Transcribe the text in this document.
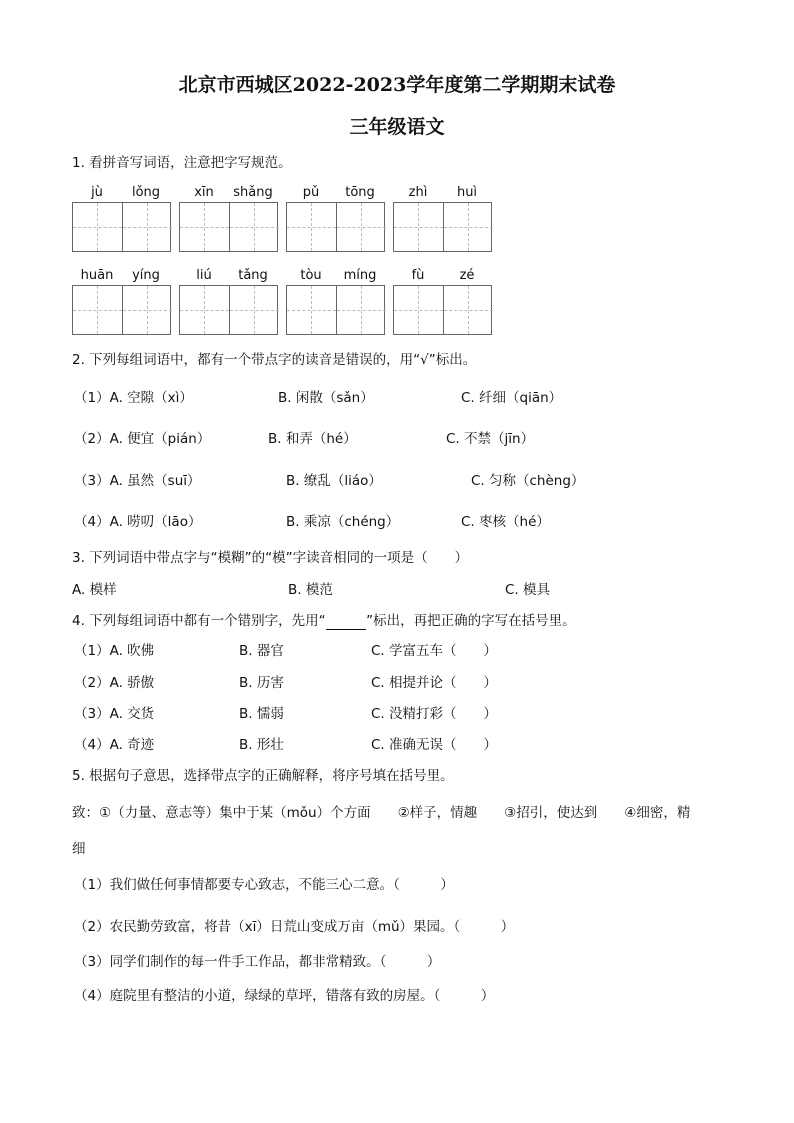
北京市西城区2022-2023学年度第二学期期末试卷
三年级语文
1. 看拼音写词语，注意把字写规范。
jù	lǒng	xīn	shǎng	pǔ	tōng	zhì	huì
huān	yíng	liú	tǎng	tòu	míng	fù	zé
2. 下列每组词语中，都有一个带点字的读音是错误的，用“√”标出。
（1）A. 空隙（xì）	B. 闲散（sǎn）	C. 纤细（qiān）
（2）A. 便宜（pián）	B. 和弄（hé）	C. 不禁（jīn）
（3）A. 虽然（suī）	B. 缭乱（liáo）	C. 匀称（chèng）
（4）A. 唠叨（lāo）	B. 乘凉（chéng）	C. 枣核（hé）
3. 下列词语中带点字与“模糊”的“模”字读音相同的一项是（　　）
A. 模样	B. 模范	C. 模具
4. 下列每组词语中都有一个错别字，先用“　　　	”标出，再把正确的字写在括号里。
（1）A. 吹佛	B. 器官	C. 学富五车（　　）
（2）A. 骄傲	B. 历害	C. 相提并论（　　）
（3）A. 交货	B. 懦弱	C. 没精打彩（　　）
（4）A. 奇迹	B. 形壮	C. 准确无误（　　）
5. 根据句子意思，选择带点字的正确解释，将序号填在括号里。
致：①（力量、意志等）集中于某（mǒu）个方面　　②样子，情趣　　③招引，使达到　　④细密，精
细
（1）我们做任何事情都要专心致志，不能三心二意。（　　　）
（2）农民勤劳致富，将昔（xī）日荒山变成万亩（mǔ）果园。（　　　）
（3）同学们制作的每一件手工作品，都非常精致。（　　　）
（4）庭院里有整洁的小道，绿绿的草坪，错落有致的房屋。（　　　）
